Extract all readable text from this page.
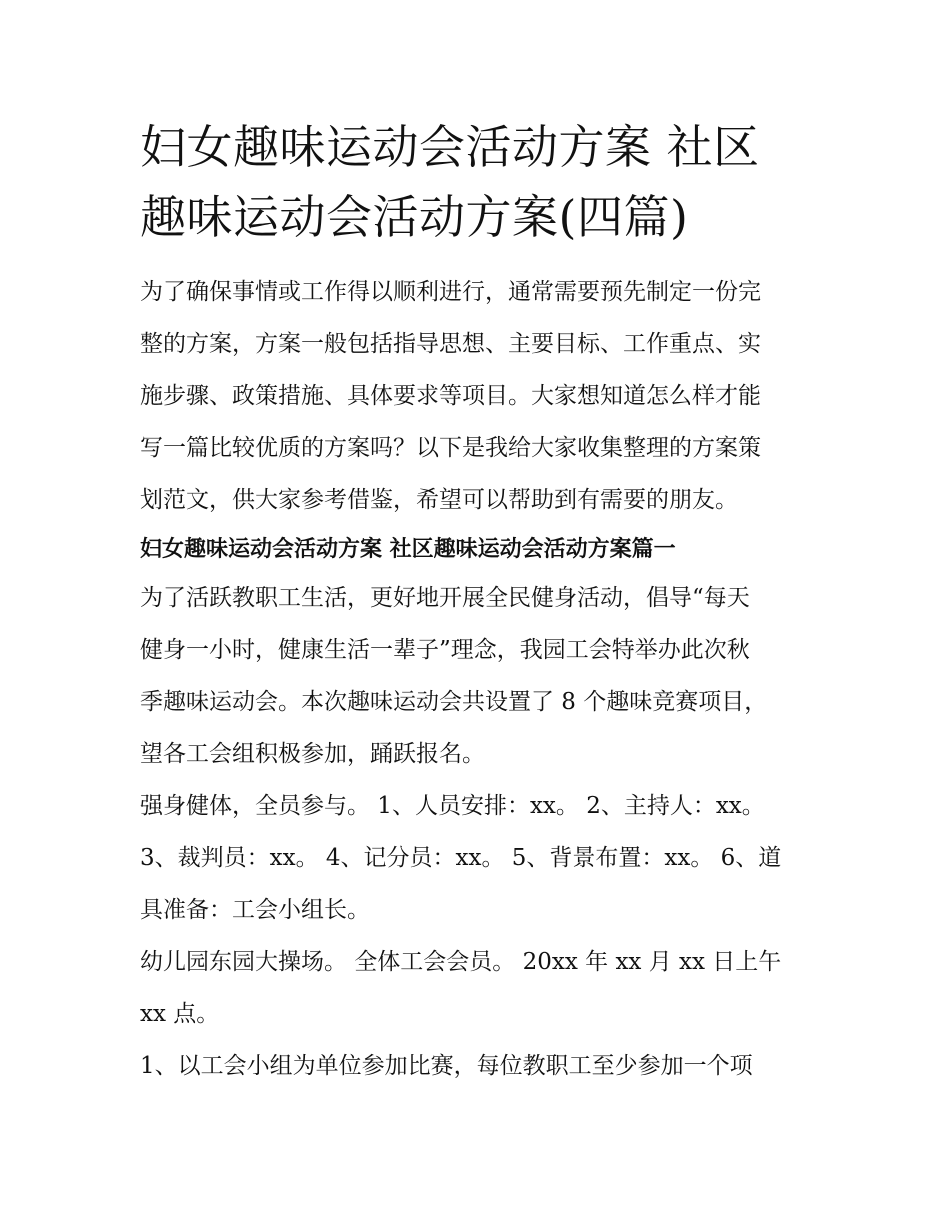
妇女趣味运动会活动方案 社区
趣味运动会活动方案(四篇)

为了确保事情或工作得以顺利进行，通常需要预先制定一份完
整的方案，方案一般包括指导思想、主要目标、工作重点、实
施步骤、政策措施、具体要求等项目。大家想知道怎么样才能
写一篇比较优质的方案吗？以下是我给大家收集整理的方案策
划范文，供大家参考借鉴，希望可以帮助到有需要的朋友。

妇女趣味运动会活动方案 社区趣味运动会活动方案篇一

为了活跃教职工生活，更好地开展全民健身活动，倡导“每天
健身一小时，健康生活一辈子”理念，我园工会特举办此次秋
季趣味运动会。本次趣味运动会共设置了 8 个趣味竞赛项目，
望各工会组积极参加，踊跃报名。

强身健体，全员参与。 1、人员安排：xx。 2、主持人：xx。
3、裁判员：xx。 4、记分员：xx。 5、背景布置：xx。 6、道
具准备：工会小组长。

幼儿园东园大操场。 全体工会会员。 20xx 年 xx 月 xx 日上午
xx 点。

1、以工会小组为单位参加比赛，每位教职工至少参加一个项
